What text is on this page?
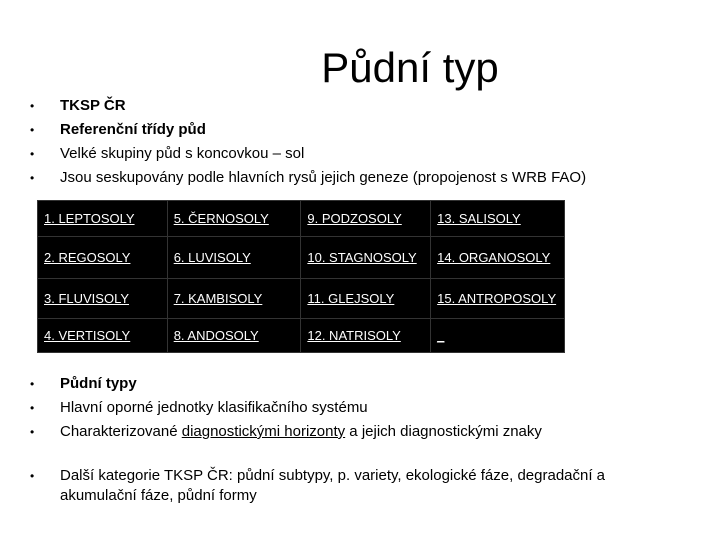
Půdní typ
•	TKSP ČR
•	Referenční třídy půd
•	Velké skupiny půd s koncovkou – sol
•	Jsou seskupovány podle hlavních rysů jejich geneze (propojenost s WRB FAO)
1. LEPTOSOLY	5. ČERNOSOLY	9. PODZOSOLY	13. SALISOLY
2. REGOSOLY	6. LUVISOLY	10. STAGNOSOLY	14. ORGANOSOLY
3. FLUVISOLY	7. KAMBISOLY	11. GLEJSOLY	15. ANTROPOSOLY
4. VERTISOLY	8. ANDOSOLY	12. NATRISOLY	_
•	Půdní typy
•	Hlavní oporné jednotky klasifikačního systému
•	Charakterizované diagnostickými horizonty a jejich diagnostickými znaky
•	Další kategorie TKSP ČR: půdní subtypy, p. variety, ekologické fáze, degradační a akumulační fáze, půdní formy
